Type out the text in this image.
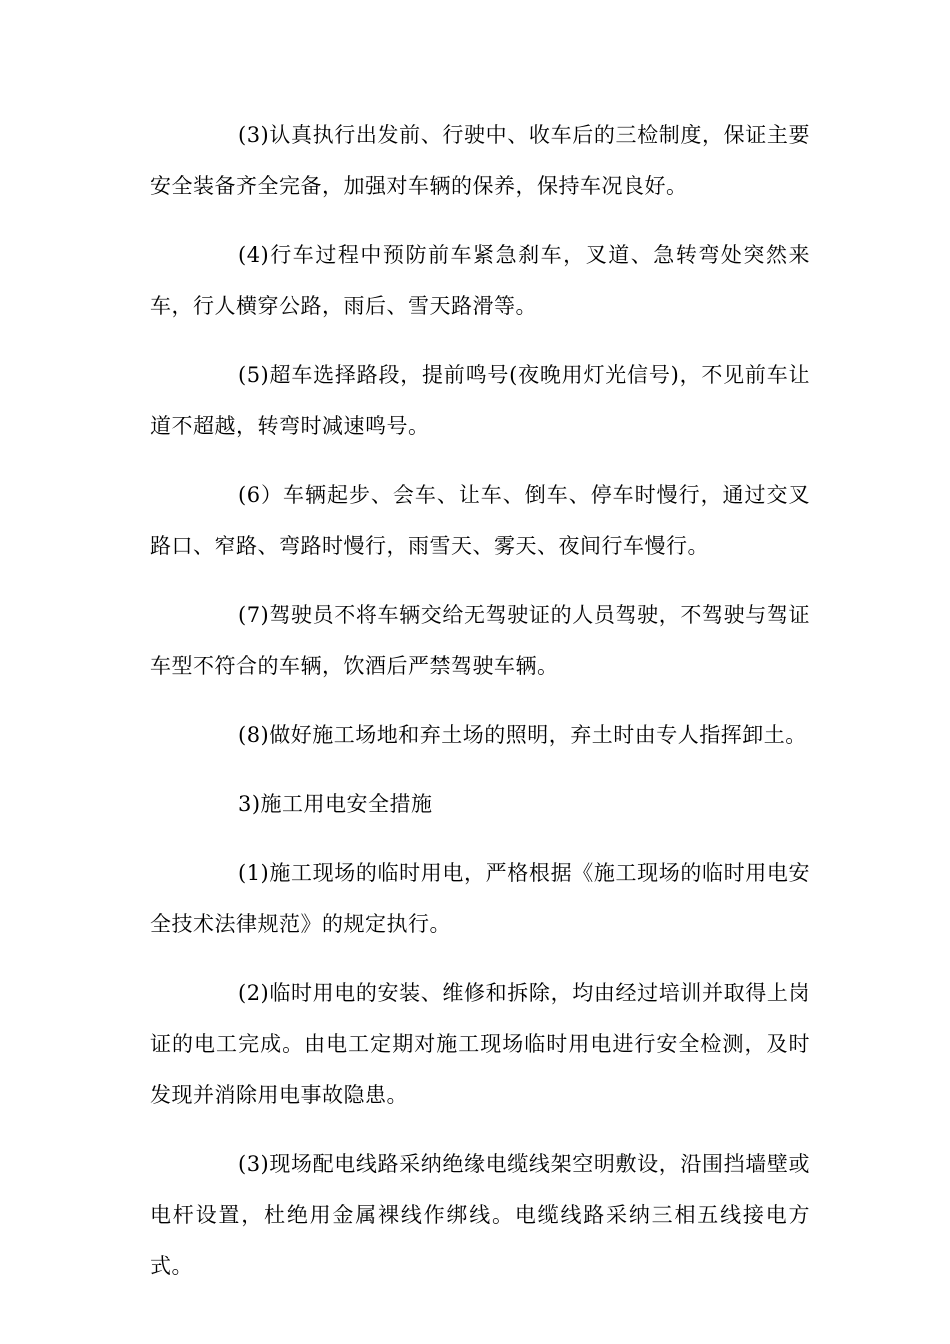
(3)认真执行出发前、行驶中、收车后的三检制度，保证主要安全装备齐全完备，加强对车辆的保养，保持车况良好。

(4)行车过程中预防前车紧急刹车，叉道、急转弯处突然来车，行人横穿公路，雨后、雪天路滑等。

(5)超车选择路段，提前鸣号(夜晚用灯光信号)，不见前车让道不超越，转弯时减速鸣号。

(6）车辆起步、会车、让车、倒车、停车时慢行，通过交叉路口、窄路、弯路时慢行，雨雪天、雾天、夜间行车慢行。

(7)驾驶员不将车辆交给无驾驶证的人员驾驶，不驾驶与驾证车型不符合的车辆，饮酒后严禁驾驶车辆。

(8)做好施工场地和弃土场的照明，弃土时由专人指挥卸土。

3)施工用电安全措施

(1)施工现场的临时用电，严格根据《施工现场的临时用电安全技术法律规范》的规定执行。

(2)临时用电的安装、维修和拆除，均由经过培训并取得上岗证的电工完成。由电工定期对施工现场临时用电进行安全检测，及时发现并消除用电事故隐患。

(3)现场配电线路采纳绝缘电缆线架空明敷设，沿围挡墙壁或电杆设置，杜绝用金属裸线作绑线。电缆线路采纳三相五线接电方式。
